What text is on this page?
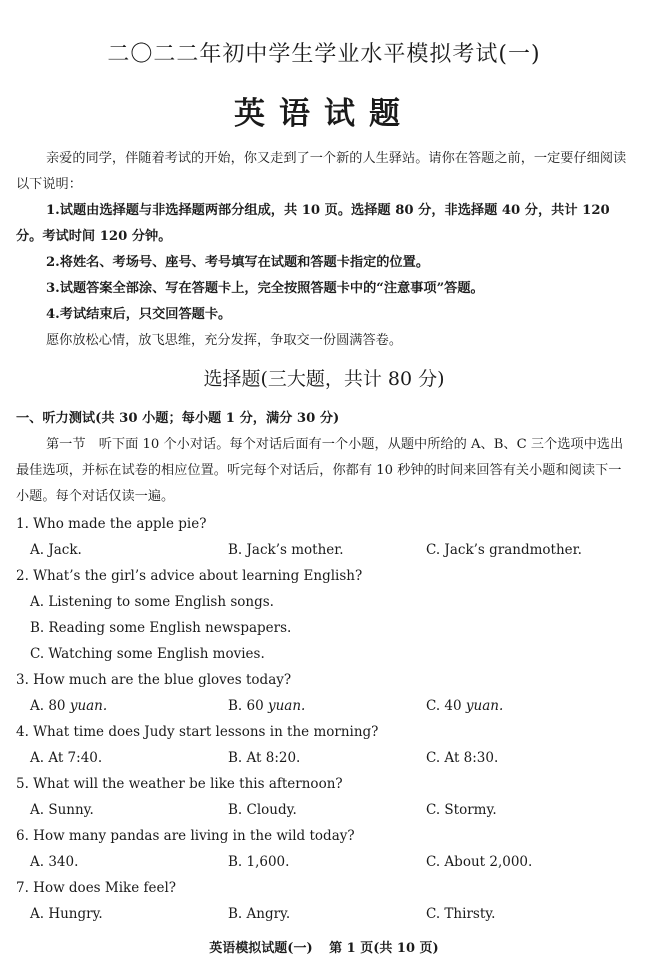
二〇二二年初中学生学业水平模拟考试(一)
英语试题
亲爱的同学，伴随着考试的开始，你又走到了一个新的人生驿站。请你在答题之前，一定要仔细阅读以下说明：
1.试题由选择题与非选择题两部分组成，共 10 页。选择题 80 分，非选择题 40 分，共计 120 分。考试时间 120 分钟。
2.将姓名、考场号、座号、考号填写在试题和答题卡指定的位置。
3.试题答案全部涂、写在答题卡上，完全按照答题卡中的“注意事项”答题。
4.考试结束后，只交回答题卡。
愿你放松心情，放飞思维，充分发挥，争取交一份圆满答卷。
选择题(三大题，共计 80 分)
一、听力测试(共 30 小题；每小题 1 分，满分 30 分)
第一节　听下面 10 个小对话。每个对话后面有一个小题，从题中所给的 A、B、C 三个选项中选出最佳选项，并标在试卷的相应位置。听完每个对话后，你都有 10 秒钟的时间来回答有关小题和阅读下一小题。每个对话仅读一遍。
1. Who made the apple pie?
A. Jack.	B. Jack’s mother.	C. Jack’s grandmother.
2. What’s the girl’s advice about learning English?
A. Listening to some English songs.
B. Reading some English newspapers.
C. Watching some English movies.
3. How much are the blue gloves today?
A. 80 yuan.	B. 60 yuan.	C. 40 yuan.
4. What time does Judy start lessons in the morning?
A. At 7:40.	B. At 8:20.	C. At 8:30.
5. What will the weather be like this afternoon?
A. Sunny.	B. Cloudy.	C. Stormy.
6. How many pandas are living in the wild today?
A. 340.	B. 1,600.	C. About 2,000.
7. How does Mike feel?
A. Hungry.	B. Angry.	C. Thirsty.
英语模拟试题(一) 第 1 页(共 10 页)
